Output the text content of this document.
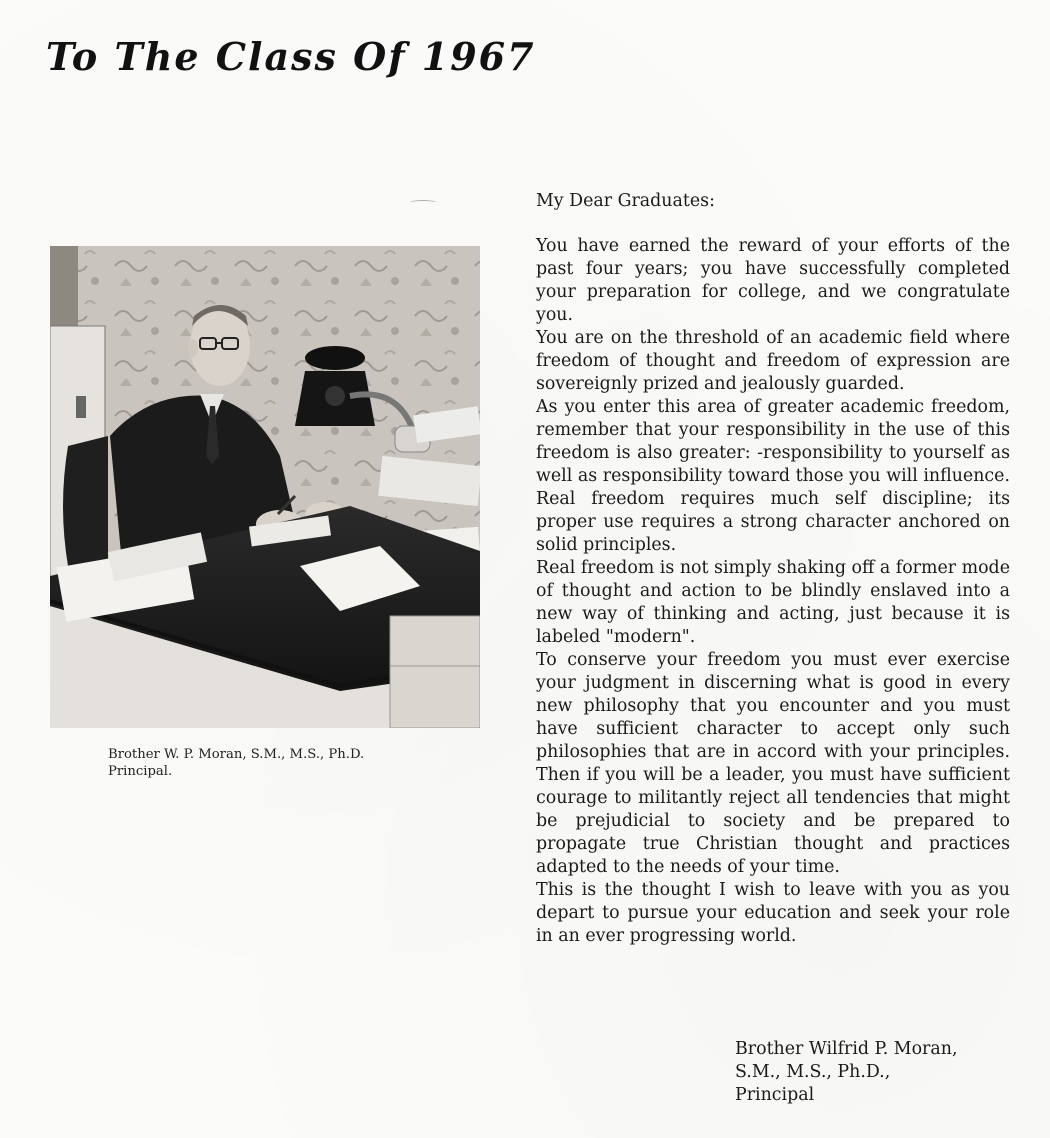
To The Class Of 1967
Brother W. P. Moran, S.M., M.S., Ph.D.
Principal.
My Dear Graduates:

You have earned the reward of your efforts of the past four years; you have successfully completed your preparation for college, and we congratulate you.

You are on the threshold of an academic field where freedom of thought and freedom of expression are sovereignly prized and jealously guarded.

As you enter this area of greater academic freedom, remember that your responsibility in the use of this freedom is also greater: -responsibility to yourself as well as responsibility toward those you will influence. Real freedom requires much self discipline; its proper use requires a strong character anchored on solid principles.

Real freedom is not simply shaking off a former mode of thought and action to be blindly enslaved into a new way of thinking and acting, just because it is labeled "modern".

To conserve your freedom you must ever exercise your judgment in discerning what is good in every new philosophy that you encounter and you must have sufficient character to accept only such philosophies that are in accord with your principles. Then if you will be a leader, you must have sufficient courage to militantly reject all tendencies that might be prejudicial to society and be prepared to propagate true Christian thought and practices adapted to the needs of your time.

This is the thought I wish to leave with you as you depart to pursue your education and seek your role in an ever progressing world.

Brother Wilfrid P. Moran,
S.M., M.S., Ph.D.,
Principal
